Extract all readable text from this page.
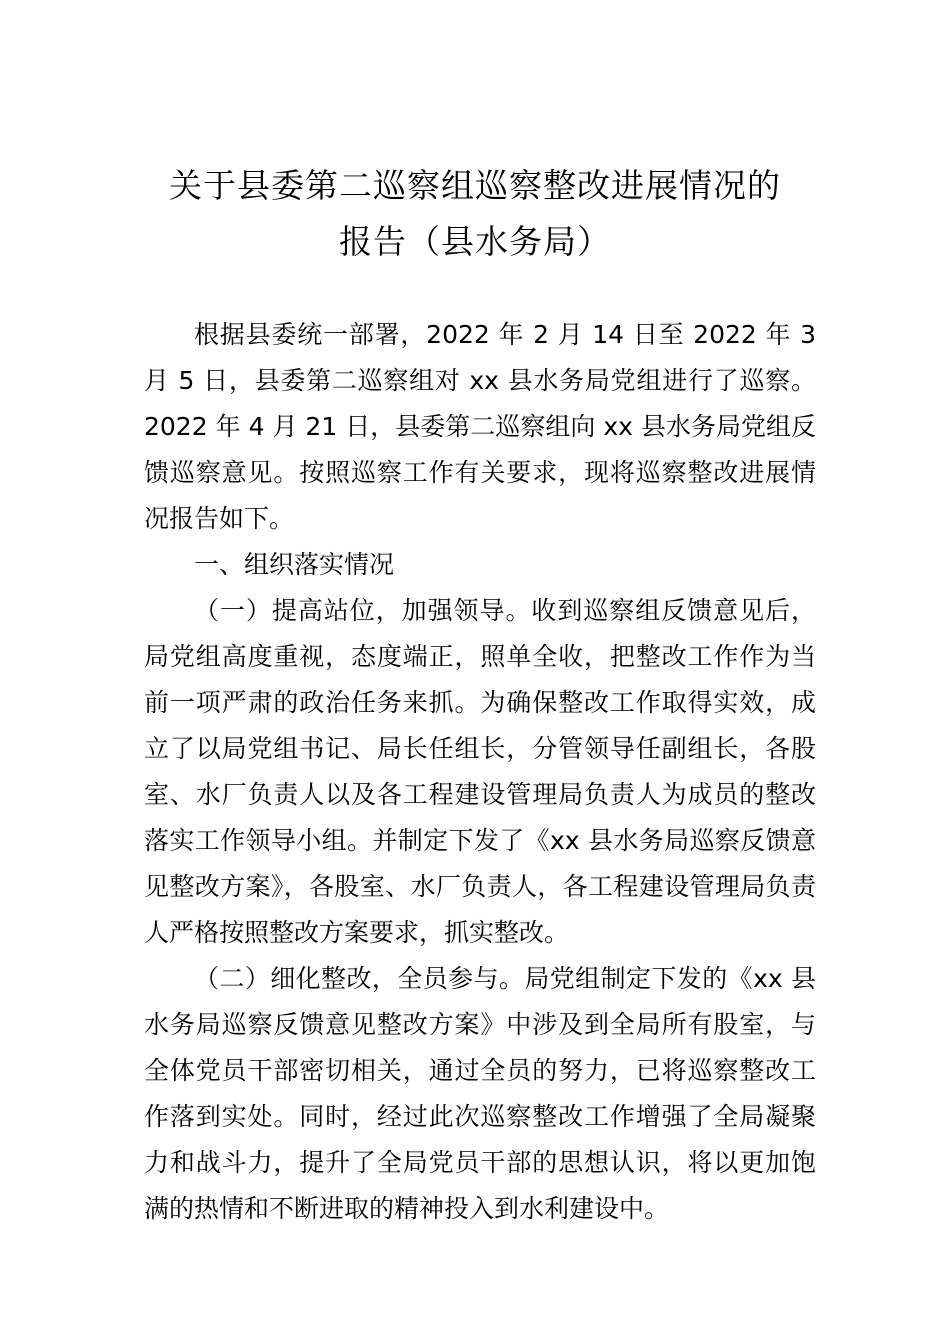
关于县委第二巡察组巡察整改进展情况的
报告（县水务局）

根据县委统一部署，2022 年 2 月 14 日至 2022 年 3 月 5 日，县委第二巡察组对 xx 县水务局党组进行了巡察。2022 年 4 月 21 日，县委第二巡察组向 xx 县水务局党组反馈巡察意见。按照巡察工作有关要求，现将巡察整改进展情况报告如下。

一、组织落实情况

（一）提高站位，加强领导。收到巡察组反馈意见后，局党组高度重视，态度端正，照单全收，把整改工作作为当前一项严肃的政治任务来抓。为确保整改工作取得实效，成立了以局党组书记、局长任组长，分管领导任副组长，各股室、水厂负责人以及各工程建设管理局负责人为成员的整改落实工作领导小组。并制定下发了《xx 县水务局巡察反馈意见整改方案》，各股室、水厂负责人，各工程建设管理局负责人严格按照整改方案要求，抓实整改。

（二）细化整改，全员参与。局党组制定下发的《xx 县水务局巡察反馈意见整改方案》中涉及到全局所有股室，与 全体党员干部密切相关，通过全员的努力，已将巡察整改工作落到实处。同时，经过此次巡察整改工作增强了全局凝聚力和战斗力，提升了全局党员干部的思想认识，将以更加饱满的热情和不断进取的精神投入到水利建设中。
